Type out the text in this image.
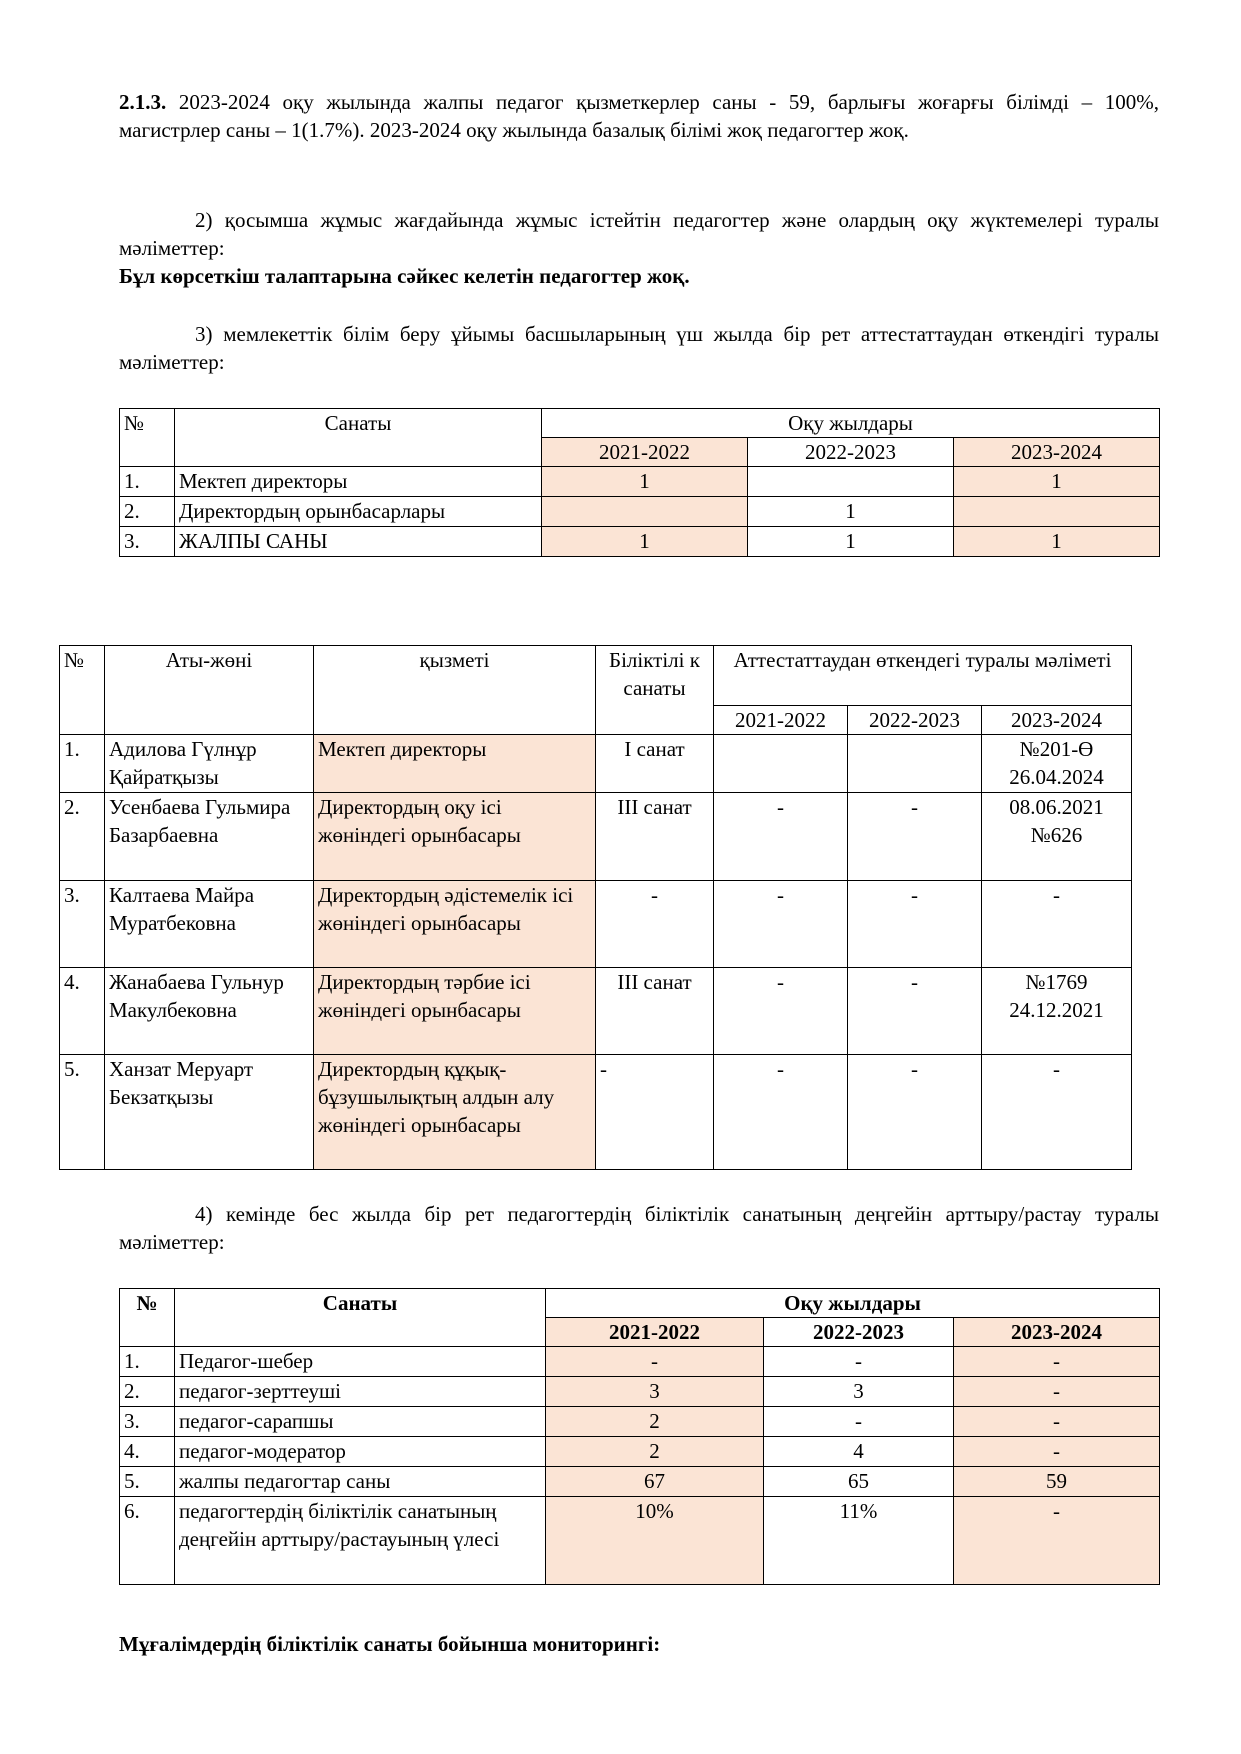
2.1.3. 2023-2024 оқу жылында жалпы педагог қызметкерлер саны - 59, барлығы жоғарғы білімді – 100%, магистрлер саны – 1(1.7%). 2023-2024 оқу жылында базалық білімі жоқ педагогтер жоқ.

2) қосымша жұмыс жағдайында жұмыс істейтін педагогтер және олардың оқу жүктемелері туралы мәліметтер:

Бұл көрсеткіш талаптарына сәйкес келетін педагогтер жоқ.

3) мемлекеттік білім беру ұйымы басшыларының үш жылда бір рет аттестаттаудан өткендігі туралы мәліметтер:

№	Санаты	Оқу жылдары		
		2021-2022	2022-2023	2023-2024
1.	Мектеп директоры	1		1
2.	Директордың орынбасарлары		1	
3.	ЖАЛПЫ САНЫ	1	1	1
№	Аты-жөні	қызметі	Біліктілі к санаты	Аттестаттаудан өткендегі туралы мәліметі		
				2021-2022	2022-2023	2023-2024
1.	Адилова Гүлнұр Қайратқызы	Мектеп директоры	І санат			№201-Ө 26.04.2024
2.	Усенбаева Гульмира Базарбаевна	Директордың оқу ісі жөніндегі орынбасары	ІІІ санат	-	-	08.06.2021 №626
3.	Калтаева Майра Муратбековна	Директордың әдістемелік ісі жөніндегі орынбасары	-	-	-	-
4.	Жанабаева Гульнур Макулбековна	Директордың тәрбие ісі жөніндегі орынбасары	ІІІ санат	-	-	№1769 24.12.2021
5.	Ханзат Меруарт Бекзатқызы	Директордың құқық-бұзушылықтың алдын алу жөніндегі орынбасары	-	-	-	-

4) кемінде бес жылда бір рет педагогтердің біліктілік санатының деңгейін арттыру/растау туралы мәліметтер:

№	Санаты	Оқу жылдары		
		2021-2022	2022-2023	2023-2024
1.	Педагог-шебер	-	-	-
2.	педагог-зерттеуші	3	3	-
3.	педагог-сарапшы	2	-	-
4.	педагог-модератор	2	4	-
5.	жалпы педагогтар саны	67	65	59
6.	педагогтердің біліктілік санатының деңгейін арттыру/растауының үлесі	10%	11%	-

Мұғалімдердің біліктілік санаты бойынша мониторингі:
